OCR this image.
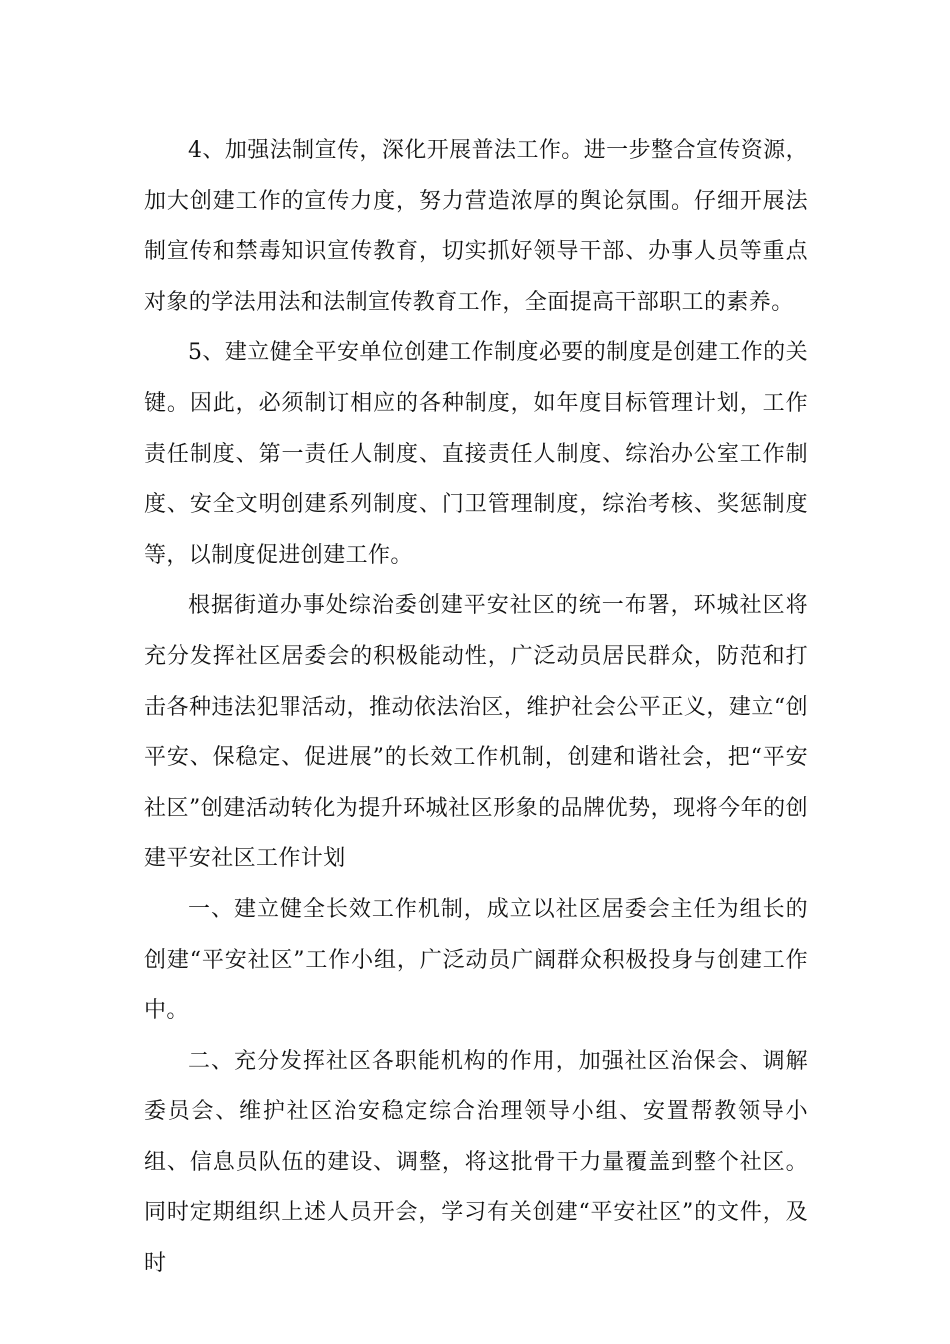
4、加强法制宣传，深化开展普法工作。进一步整合宣传资源，加大创建工作的宣传力度，努力营造浓厚的舆论氛围。仔细开展法制宣传和禁毒知识宣传教育，切实抓好领导干部、办事人员等重点对象的学法用法和法制宣传教育工作，全面提高干部职工的素养。

5、建立健全平安单位创建工作制度必要的制度是创建工作的关键。因此，必须制订相应的各种制度，如年度目标管理计划，工作责任制度、第一责任人制度、直接责任人制度、综治办公室工作制度、安全文明创建系列制度、门卫管理制度，综治考核、奖惩制度等，以制度促进创建工作。

根据街道办事处综治委创建平安社区的统一布署，环城社区将充分发挥社区居委会的积极能动性，广泛动员居民群众，防范和打击各种违法犯罪活动，推动依法治区，维护社会公平正义，建立“创平安、保稳定、促进展”的长效工作机制，创建和谐社会，把“平安社区”创建活动转化为提升环城社区形象的品牌优势，现将今年的创建平安社区工作计划

一、建立健全长效工作机制，成立以社区居委会主任为组长的创建“平安社区”工作小组，广泛动员广阔群众积极投身与创建工作中。

二、充分发挥社区各职能机构的作用，加强社区治保会、调解委员会、维护社区治安稳定综合治理领导小组、安置帮教领导小组、信息员队伍的建设、调整，将这批骨干力量覆盖到整个社区。同时定期组织上述人员开会，学习有关创建“平安社区”的文件，及时
